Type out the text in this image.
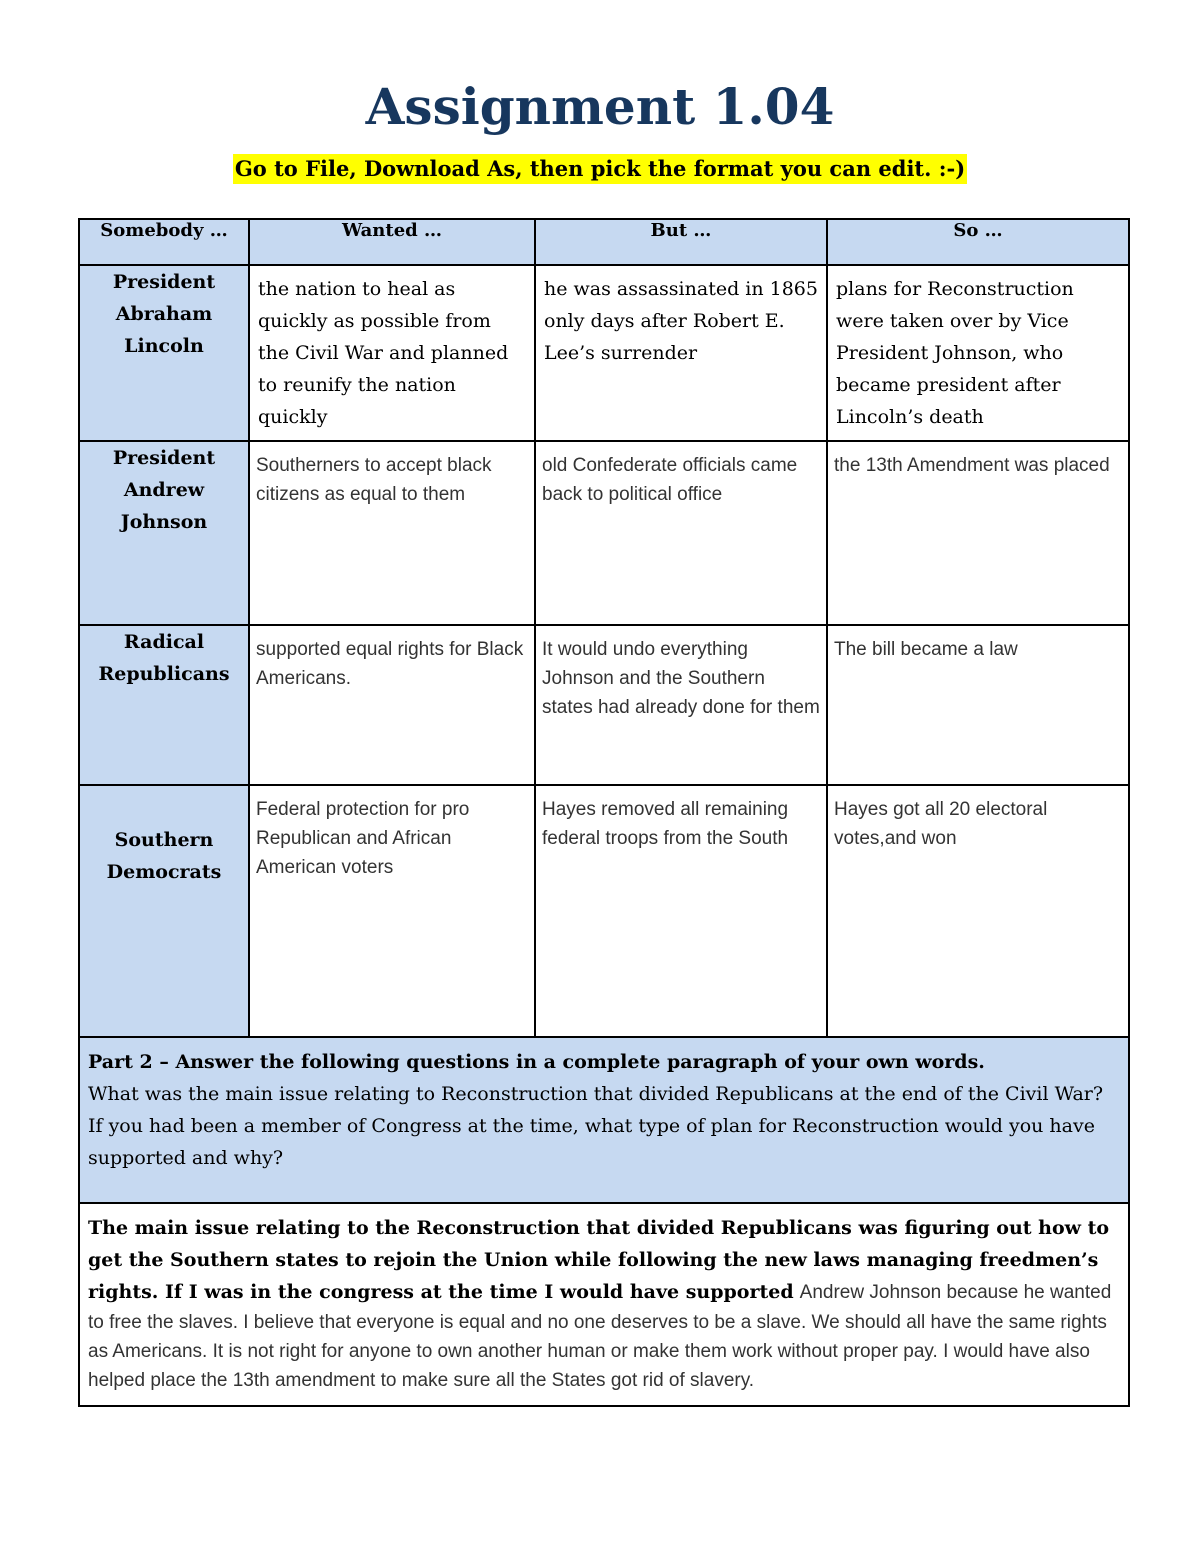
Assignment 1.04
Go to File, Download As, then pick the format you can edit. :-)
Somebody …	Wanted …	But …	So …

President
Abraham
Lincoln	the nation to heal as quickly as possible from the Civil War and planned to reunify the nation quickly	he was assassinated in 1865 only days after Robert E. Lee’s surrender	plans for Reconstruction were taken over by Vice President Johnson, who became president after Lincoln’s death

President
Andrew
Johnson	Southerners to accept black citizens as equal to them	old Confederate officials came back to political office	the 13th Amendment was placed

Radical
Republicans	supported equal rights for Black Americans.	It would undo everything Johnson and the Southern states had already done for them	The bill became a law

Southern
Democrats	Federal protection for pro Republican and African American voters	Hayes removed all remaining federal troops from the South	Hayes got all 20 electoral votes,and won

Part 2 – Answer the following questions in a complete paragraph of your own words.
What was the main issue relating to Reconstruction that divided Republicans at the end of the Civil War? If you had been a member of Congress at the time, what type of plan for Reconstruction would you have supported and why?			

The main issue relating to the Reconstruction that divided Republicans was figuring out how to get the Southern states to rejoin the Union while following the new laws managing freedmen’s rights. If I was in the congress at the time I would have supported Andrew Johnson because he wanted to free the slaves. I believe that everyone is equal and no one deserves to be a slave. We should all have the same rights as Americans. It is not right for anyone to own another human or make them work without proper pay. I would have also helped place the 13th amendment to make sure all the States got rid of slavery.			
